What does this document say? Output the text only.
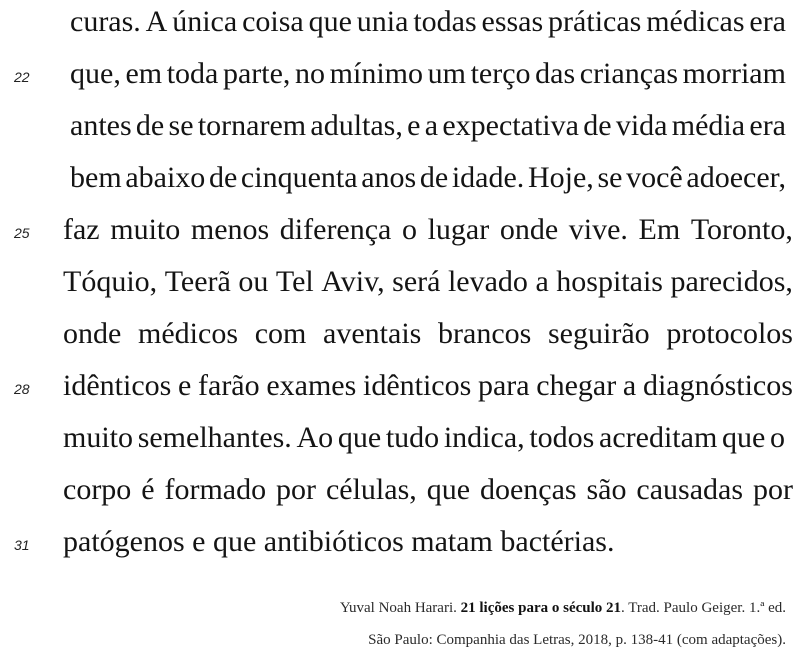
curas. A única coisa que unia todas essas práticas médicas era
22	que, em toda parte, no mínimo um terço das crianças morriam
antes de se tornarem adultas, e a expectativa de vida média era
bem abaixo de cinquenta anos de idade. Hoje, se você adoecer,
25	faz muito menos diferença o lugar onde vive. Em Toronto,
Tóquio, Teerã ou Tel Aviv, será levado a hospitais parecidos,
onde médicos com aventais brancos seguirão protocolos
28	idênticos e farão exames idênticos para chegar a diagnósticos
muito semelhantes. Ao que tudo indica, todos acreditam que o
corpo é formado por células, que doenças são causadas por
31	patógenos e que antibióticos matam bactérias.
Yuval Noah Harari. 21 lições para o século 21. Trad. Paulo Geiger. 1.ª ed.
São Paulo: Companhia das Letras, 2018, p. 138-41 (com adaptações).
